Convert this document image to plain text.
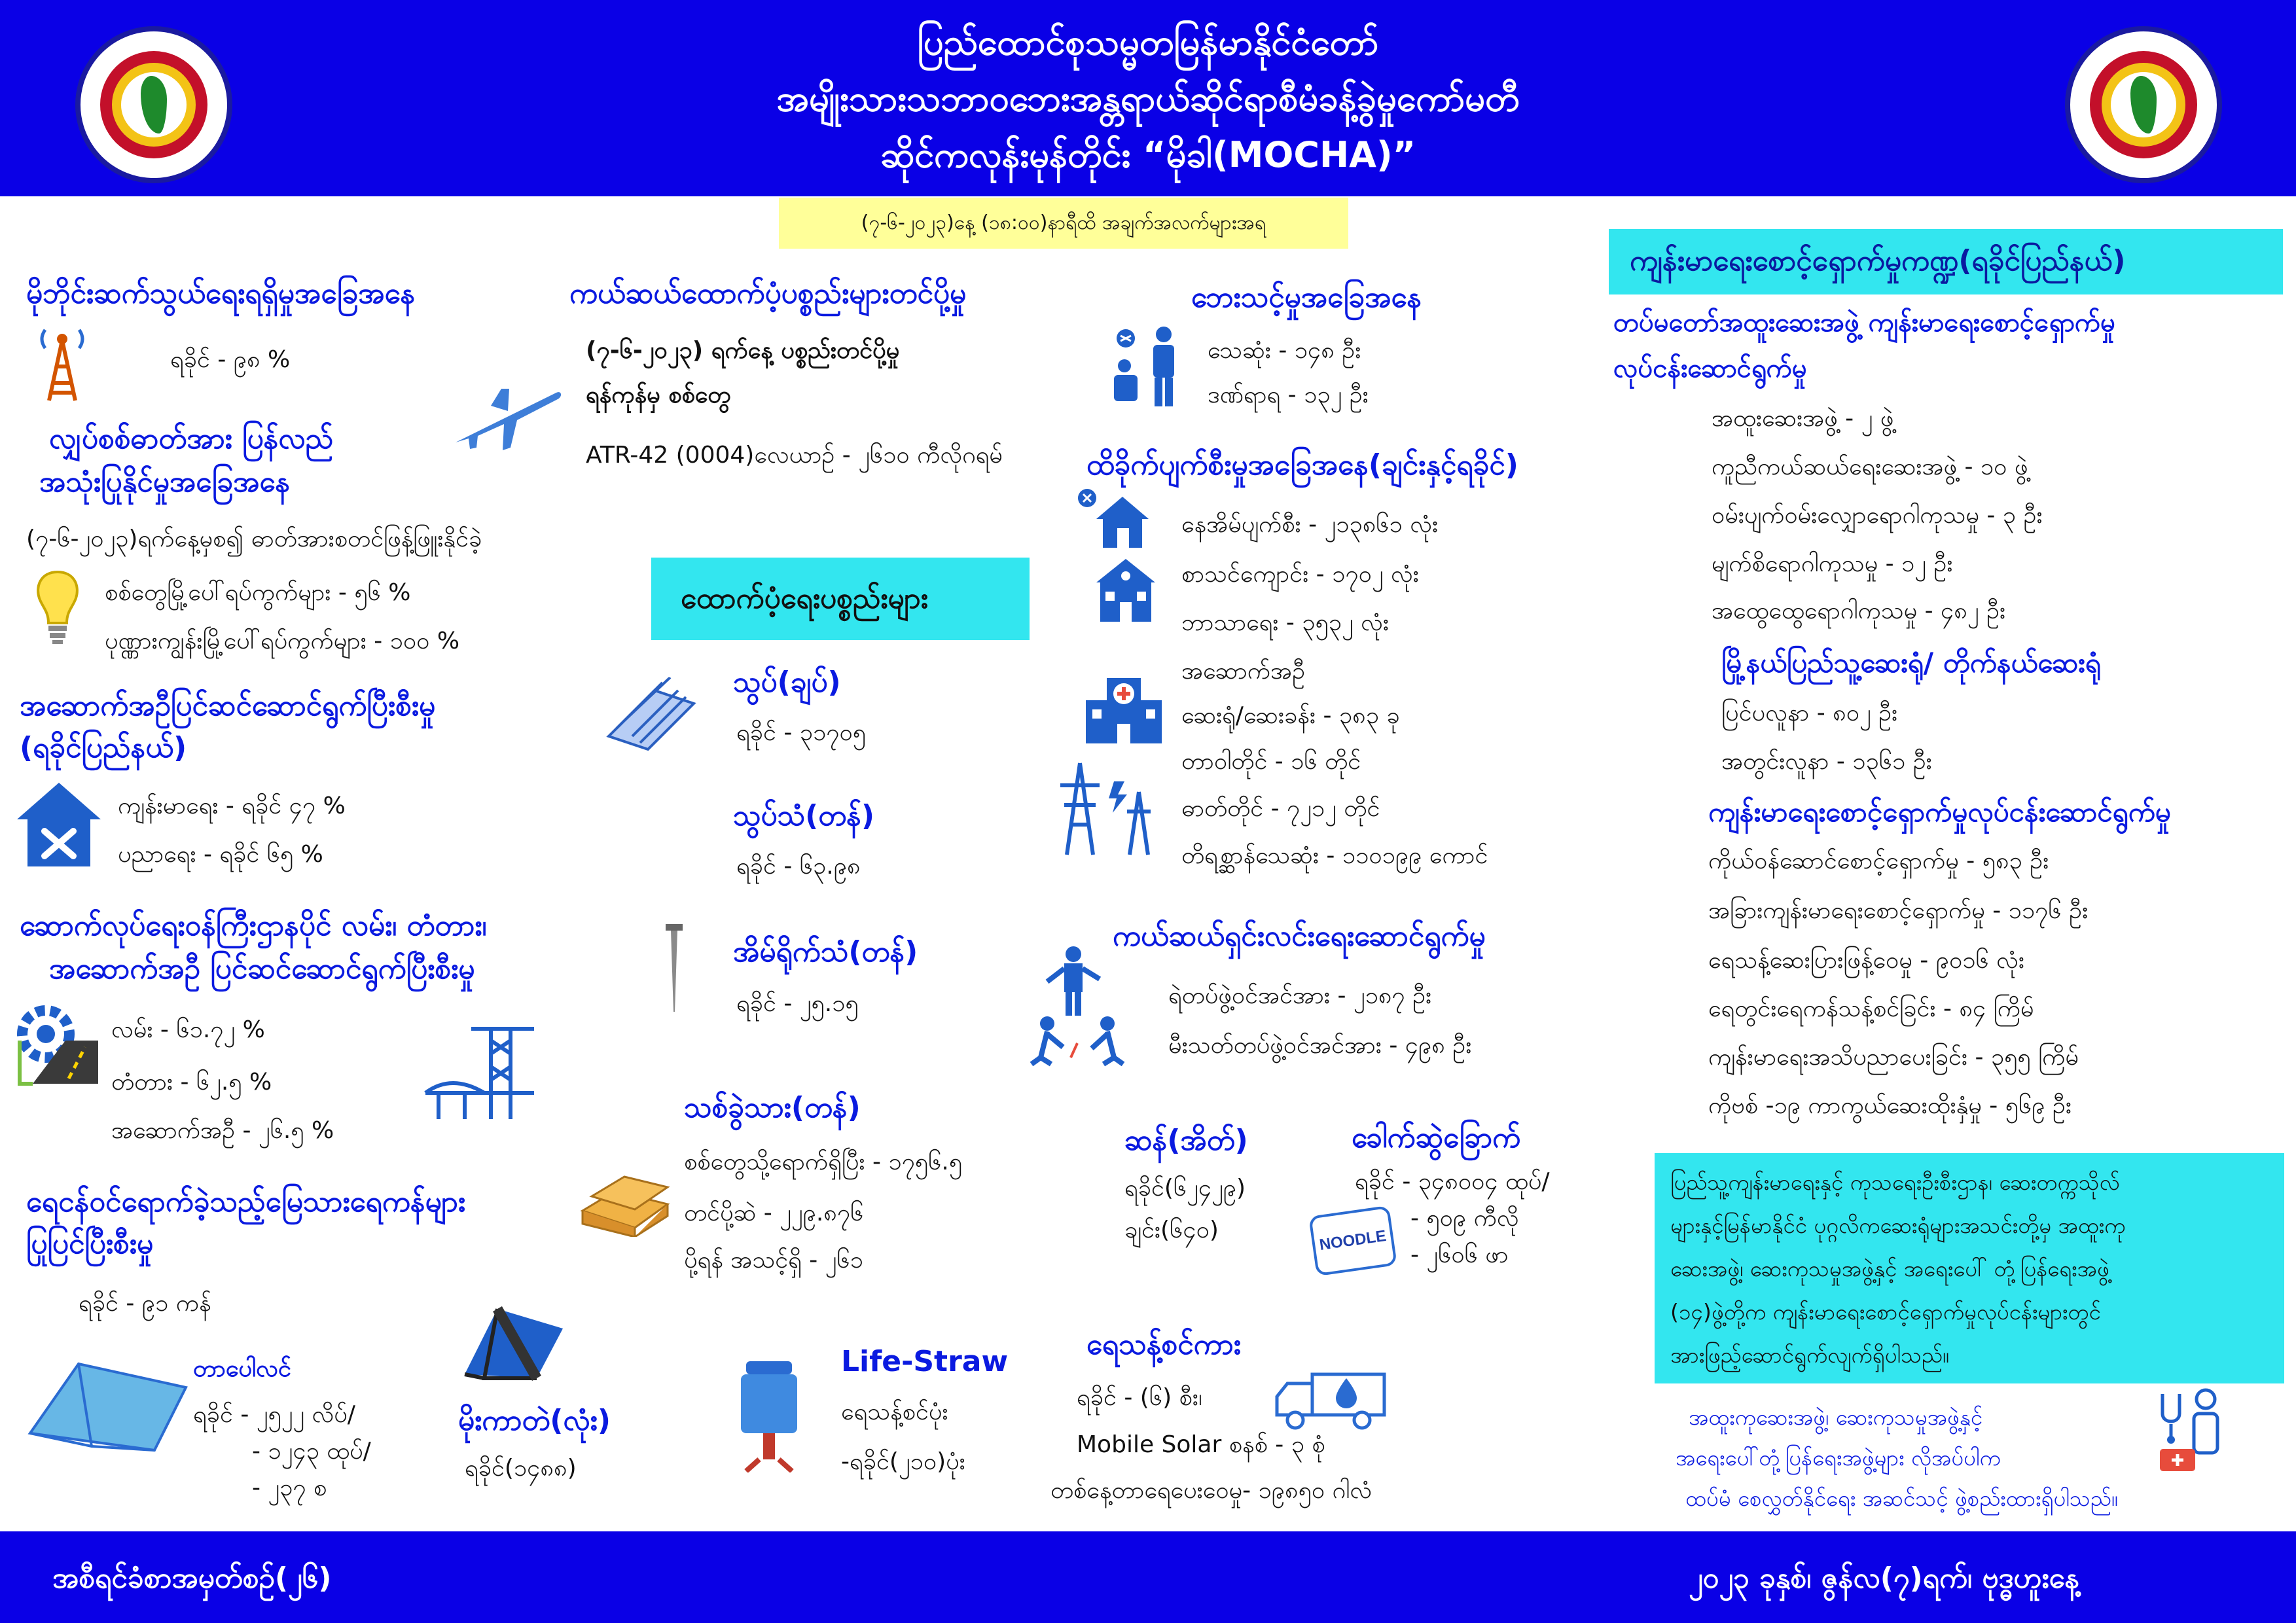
ပြည်ထောင်စုသမ္မတမြန်မာနိုင်ငံတော်
အမျိုးသားသဘာဝဘေးအန္တရာယ်ဆိုင်ရာစီမံခန့်ခွဲမှုကော်မတီ
ဆိုင်ကလုန်းမုန်တိုင်း “မိုခါ(MOCHA)”
(၇-၆-၂၀၂၃)နေ့ (၁၈:၀၀)နာရီထိ အချက်အလက်များအရ
မိုဘိုင်းဆက်သွယ်ရေးရရှိမှုအခြေအနေ
ရခိုင် - ၉၈ %
လျှပ်စစ်ဓာတ်အား ပြန်လည်
အသုံးပြုနိုင်မှုအခြေအနေ
(၇-၆-၂၀၂၃)ရက်နေ့မှစ၍ ဓာတ်အားစတင်ဖြန့်ဖြူးနိုင်ခဲ့
စစ်တွေမြို့ပေါ်ရပ်ကွက်များ - ၅၆ %
ပုဏ္ဏားကျွန်းမြို့ပေါ်ရပ်ကွက်များ - ၁၀၀ %
အဆောက်အဦပြင်ဆင်ဆောင်ရွက်ပြီးစီးမှု
(ရခိုင်ပြည်နယ်)
ကျန်းမာရေး - ရခိုင် ၄၇ %
ပညာရေး - ရခိုင် ၆၅ %
ဆောက်လုပ်ရေးဝန်ကြီးဌာနပိုင် လမ်း၊ တံတား၊
အဆောက်အဦ ပြင်ဆင်ဆောင်ရွက်ပြီးစီးမှု
လမ်း - ၆၁.၇၂ %
တံတား - ၆၂.၅ %
အဆောက်အဦ - ၂၆.၅ %
ရေငန်ဝင်ရောက်ခဲ့သည့်မြေသားရေကန်များ
ပြုပြင်ပြီးစီးမှု
ရခိုင် - ၉၁ ကန်
တာပေါလင်
ရခိုင် - ၂၅၂၂ လိပ်/
- ၁၂၄၃ ထုပ်/
- ၂၃၇ စ
မိုးကာတဲ(လုံး)
ရခိုင်(၁၄၈၈)
ကယ်ဆယ်ထောက်ပံ့ပစ္စည်းများတင်ပို့မှု
(၇-၆-၂၀၂၃) ရက်နေ့ ပစ္စည်းတင်ပို့မှု
ရန်ကုန်မှ စစ်တွေ
ATR-42 (0004)လေယာဉ် - ၂၆၁၀ ကီလိုဂရမ်
ထောက်ပံ့ရေးပစ္စည်းများ
သွပ်(ချပ်)
ရခိုင် - ၃၁၇၀၅
သွပ်သံ(တန်)
ရခိုင် - ၆၃.၉၈
အိမ်ရိုက်သံ(တန်)
ရခိုင် - ၂၅.၁၅
သစ်ခွဲသား(တန်)
စစ်တွေသို့ရောက်ရှိပြီး - ၁၇၅၆.၅
တင်ပို့ဆဲ - ၂၂၉.၈၇၆
ပို့ရန် အသင့်ရှိ - ၂၆၁
Life-Straw
ရေသန့်စင်ပုံး
-ရခိုင်(၂၁၀)ပုံး
ဘေးသင့်မှုအခြေအနေ
သေဆုံး - ၁၄၈ ဦး
ဒဏ်ရာရ - ၁၃၂ ဦး
ထိခိုက်ပျက်စီးမှုအခြေအနေ(ချင်းနှင့်ရခိုင်)
နေအိမ်ပျက်စီး - ၂၁၃၈၆၁ လုံး
စာသင်ကျောင်း - ၁၇၀၂ လုံး
ဘာသာရေး - ၃၅၃၂ လုံး
အဆောက်အဦ
ဆေးရုံ/ဆေးခန်း - ၃၈၃ ခု
တာဝါတိုင် - ၁၆ တိုင်
ဓာတ်တိုင် - ၇၂၁၂ တိုင်
တိရစ္ဆာန်သေဆုံး - ၁၁၀၁၉၉ ကောင်
ကယ်ဆယ်ရှင်းလင်းရေးဆောင်ရွက်မှု
ရဲတပ်ဖွဲ့ဝင်အင်အား - ၂၁၈၇ ဦး
မီးသတ်တပ်ဖွဲ့ဝင်အင်အား - ၄၉၈ ဦး
ဆန်(အိတ်)
ရခိုင်(၆၂၄၂၉)
ချင်း(၆၄၀)
ခေါက်ဆွဲခြောက်
ရခိုင် - ၃၄၈၀၀၄ ထုပ်/
- ၅၀၉ ကီလို
- ၂၆၀၆ ဖာ
NOODLE
ရေသန့်စင်ကား
ရခိုင် - (၆) စီး၊
Mobile Solar စနစ် - ၃ စုံ
တစ်နေ့တာရေပေးဝေမှု- ၁၉၈၅၀ ဂါလံ
ကျန်းမာရေးစောင့်ရှောက်မှုကဏ္ဍ(ရခိုင်ပြည်နယ်)
တပ်မတော်အထူးဆေးအဖွဲ့ ကျန်းမာရေးစောင့်ရှောက်မှု
လုပ်ငန်းဆောင်ရွက်မှု
အထူးဆေးအဖွဲ့ - ၂ ဖွဲ့
ကူညီကယ်ဆယ်ရေးဆေးအဖွဲ့ - ၁၀ ဖွဲ့
ဝမ်းပျက်ဝမ်းလျှောရောဂါကုသမှု - ၃ ဦး
မျက်စိရောဂါကုသမှု - ၁၂ ဦး
အထွေထွေရောဂါကုသမှု - ၄၈၂ ဦး
မြို့နယ်ပြည်သူ့ဆေးရုံ/ တိုက်နယ်ဆေးရုံ
ပြင်ပလူနာ - ၈၀၂ ဦး
အတွင်းလူနာ - ၁၃၆၁ ဦး
ကျန်းမာရေးစောင့်ရှောက်မှုလုပ်ငန်းဆောင်ရွက်မှု
ကိုယ်ဝန်ဆောင်စောင့်ရှောက်မှု - ၅၈၃ ဦး
အခြားကျန်းမာရေးစောင့်ရှောက်မှု - ၁၁၇၆ ဦး
ရေသန့်ဆေးပြားဖြန့်ဝေမှု - ၉၀၁၆ လုံး
ရေတွင်းရေကန်သန့်စင်ခြင်း - ၈၄ ကြိမ်
ကျန်းမာရေးအသိပညာပေးခြင်း - ၃၅၅ ကြိမ်
ကိုဗစ် -၁၉ ကာကွယ်ဆေးထိုးနှံမှု - ၅၆၉ ဦး
ပြည်သူ့ကျန်းမာရေးနှင့် ကုသရေးဦးစီးဌာန၊ ဆေးတက္ကသိုလ်
များနှင့်မြန်မာနိုင်ငံ ပုဂ္ဂလိကဆေးရုံများအသင်းတို့မှ အထူးကု
ဆေးအဖွဲ့၊ ဆေးကုသမှုအဖွဲ့နှင့် အရေးပေါ် တုံ့ပြန်ရေးအဖွဲ့
(၁၄)ဖွဲ့တို့က ကျန်းမာရေးစောင့်ရှောက်မှုလုပ်ငန်းများတွင်
အားဖြည့်ဆောင်ရွက်လျက်ရှိပါသည်။
အထူးကုဆေးအဖွဲ့၊ ဆေးကုသမှုအဖွဲ့နှင့်
အရေးပေါ်တုံ့ပြန်ရေးအဖွဲ့များ လိုအပ်ပါက
ထပ်မံ စေလွှတ်နိုင်ရေး အဆင်သင့် ဖွဲ့စည်းထားရှိပါသည်။
အစီရင်ခံစာအမှတ်စဉ်(၂၆)	၂၀၂၃ ခုနှစ်၊ ဇွန်လ(၇)ရက်၊ ဗုဒ္ဓဟူးနေ့
